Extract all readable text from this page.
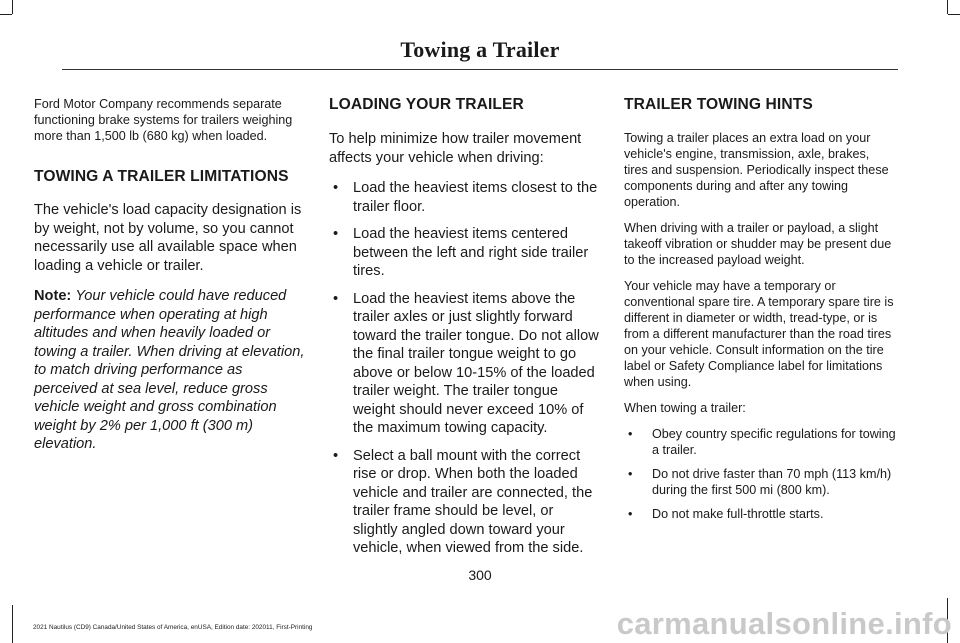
Towing a Trailer

Ford Motor Company recommends separate functioning brake systems for trailers weighing more than 1,500 lb (680 kg) when loaded.

TOWING A TRAILER LIMITATIONS

The vehicle's load capacity designation is by weight, not by volume, so you cannot necessarily use all available space when loading a vehicle or trailer.

Note: Your vehicle could have reduced performance when operating at high altitudes and when heavily loaded or towing a trailer. When driving at elevation, to match driving performance as perceived at sea level, reduce gross vehicle weight and gross combination weight by 2% per 1,000 ft (300 m) elevation.

LOADING YOUR TRAILER

To help minimize how trailer movement affects your vehicle when driving:

• Load the heaviest items closest to the trailer floor.
• Load the heaviest items centered between the left and right side trailer tires.
• Load the heaviest items above the trailer axles or just slightly forward toward the trailer tongue. Do not allow the final trailer tongue weight to go above or below 10-15% of the loaded trailer weight. The trailer tongue weight should never exceed 10% of the maximum towing capacity.
• Select a ball mount with the correct rise or drop. When both the loaded vehicle and trailer are connected, the trailer frame should be level, or slightly angled down toward your vehicle, when viewed from the side.
TRAILER TOWING HINTS

Towing a trailer places an extra load on your vehicle's engine, transmission, axle, brakes, tires and suspension. Periodically inspect these components during and after any towing operation.

When driving with a trailer or payload, a slight takeoff vibration or shudder may be present due to the increased payload weight.

Your vehicle may have a temporary or conventional spare tire. A temporary spare tire is different in diameter or width, tread-type, or is from a different manufacturer than the road tires on your vehicle. Consult information on the tire label or Safety Compliance label for limitations when using.

When towing a trailer:

• Obey country specific regulations for towing a trailer.
• Do not drive faster than 70 mph (113 km/h) during the first 500 mi (800 km).
• Do not make full-throttle starts.
300
2021 Nautilus (CD9) Canada/United States of America, enUSA, Edition date: 202011, First-Printing	carmanualsonline.info
